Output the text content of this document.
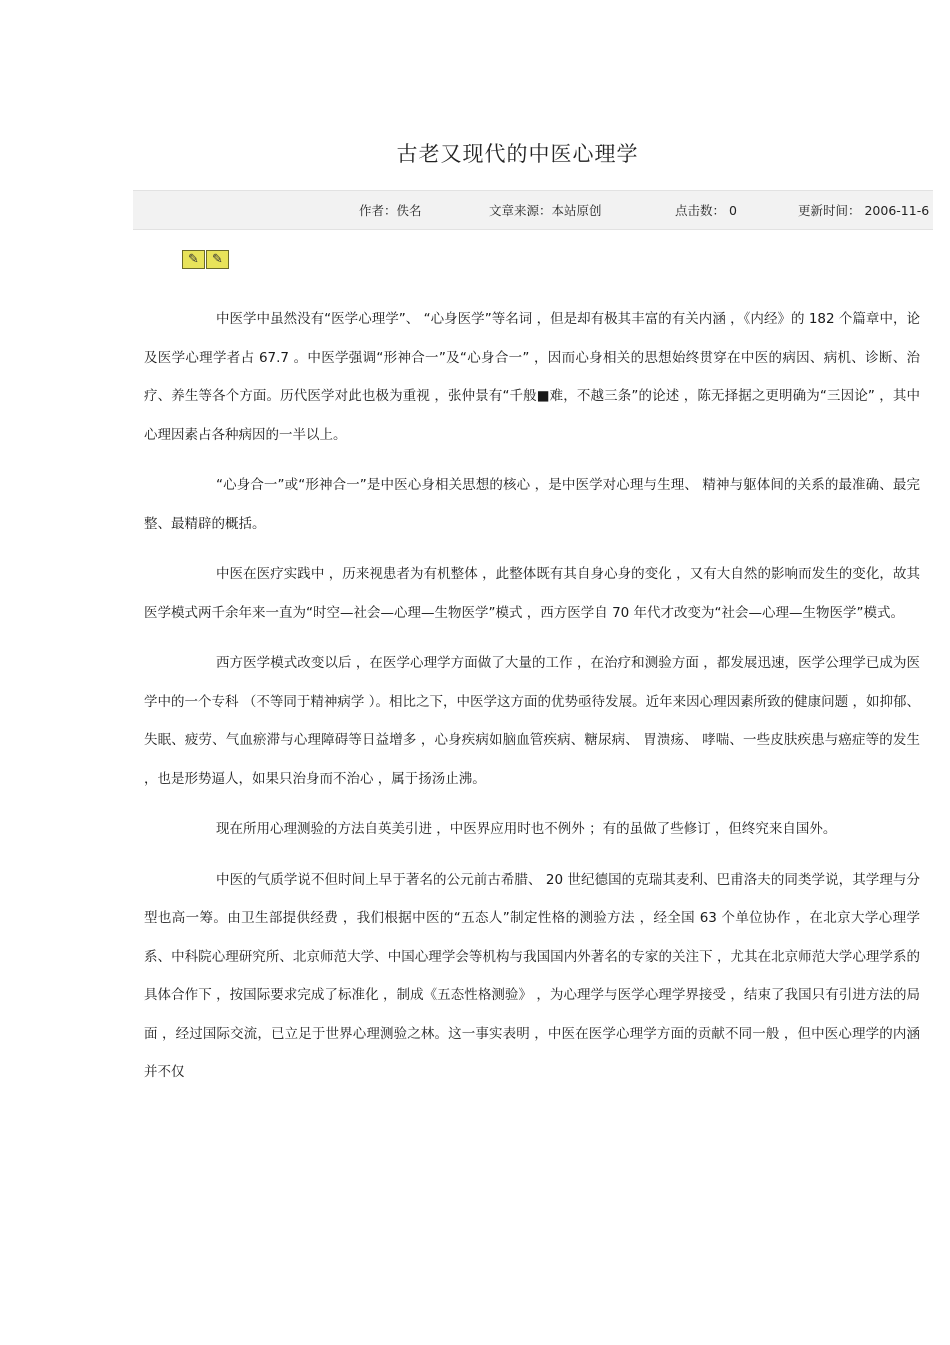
古老又现代的中医心理学
作者：佚名	文章来源：本站原创	点击数： 0	更新时间： 2006-11-6
✎	✎

中医学中虽然没有“医学心理学”、 “心身医学”等名词 ，但是却有极其丰富的有关内涵 ，《内经》的 182 个篇章中，论及医学心理学者占 67.7 。中医学强调“形神合一”及“心身合一” ，因而心身相关的思想始终贯穿在中医的病因、病机、诊断、治疗、养生等各个方面。历代医学对此也极为重视 ，张仲景有“千般■难，不越三条”的论述 ，陈无择据之更明确为“三因论” ，其中心理因素占各种病因的一半以上。

“心身合一”或“形神合一”是中医心身相关思想的核心 ，是中医学对心理与生理、 精神与躯体间的关系的最准确、最完整、最精辟的概括。

中医在医疗实践中 ，历来视患者为有机整体 ，此整体既有其自身心身的变化 ，又有大自然的影响而发生的变化，故其医学模式两千余年来一直为“时空—社会—心理—生物医学”模式 ，西方医学自 70 年代才改变为“社会—心理—生物医学”模式。

西方医学模式改变以后 ，在医学心理学方面做了大量的工作 ，在治疗和测验方面 ，都发展迅速，医学公理学已成为医学中的一个专科 （不等同于精神病学 ）。相比之下，中医学这方面的优势亟待发展。近年来因心理因素所致的健康问题 ，如抑郁、失眠、疲劳、气血瘀滞与心理障碍等日益增多 ，心身疾病如脑血管疾病、糖尿病、 胃溃疡、 哮喘、一些皮肤疾患与癌症等的发生 ，也是形势逼人，如果只治身而不治心 ，属于扬汤止沸。

现在所用心理测验的方法自英美引进 ，中医界应用时也不例外 ；有的虽做了些修订 ，但终究来自国外。

中医的气质学说不但时间上早于著名的公元前古希腊、 20 世纪德国的克瑞其麦利、巴甫洛夫的同类学说，其学理与分型也高一筹。由卫生部提供经费 ，我们根据中医的“五态人”制定性格的测验方法 ，经全国 63 个单位协作 ，在北京大学心理学系、中科院心理研究所、北京师范大学、中国心理学会等机构与我国国内外著名的专家的关注下 ，尤其在北京师范大学心理学系的具体合作下 ，按国际要求完成了标准化 ，制成《五态性格测验》 ，为心理学与医学心理学界接受 ，结束了我国只有引进方法的局面 ，经过国际交流，已立足于世界心理测验之林。这一事实表明 ，中医在医学心理学方面的贡献不同一般 ，但中医心理学的内涵并不仅
